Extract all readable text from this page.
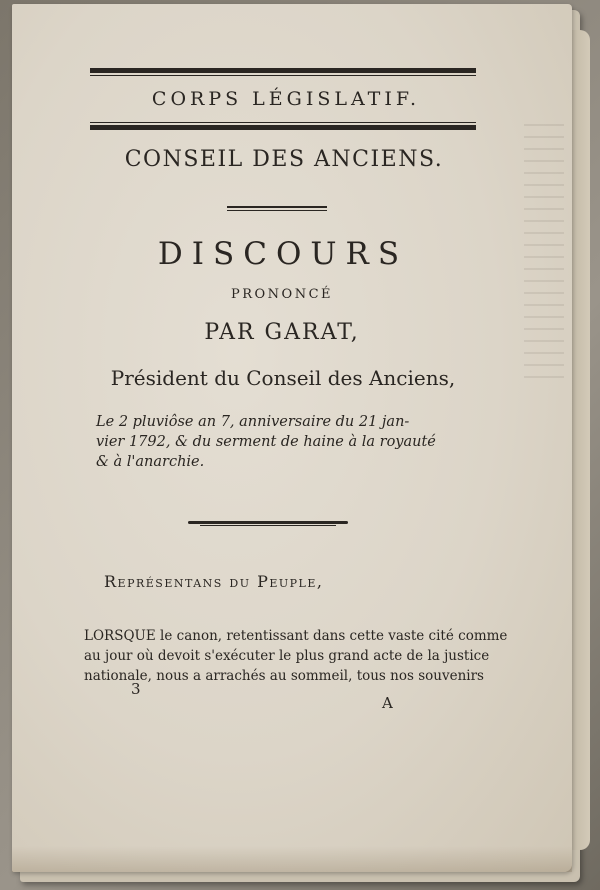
CORPS LÉGISLATIF.
CONSEIL DES ANCIENS.
DISCOURS
PRONONCÉ
PAR GARAT,
Président du Conseil des Anciens,
Le 2 pluviôse an 7, anniversaire du 21 jan-
vier 1792, & du serment de haine à la royauté
& à l'anarchie.
Représentans du Peuple,
LORSQUE le canon, retentissant dans cette vaste cité comme
au jour où devoit s'exécuter le plus grand acte de la justice
nationale, nous a arrachés au sommeil, tous nos souvenirs
3
A
